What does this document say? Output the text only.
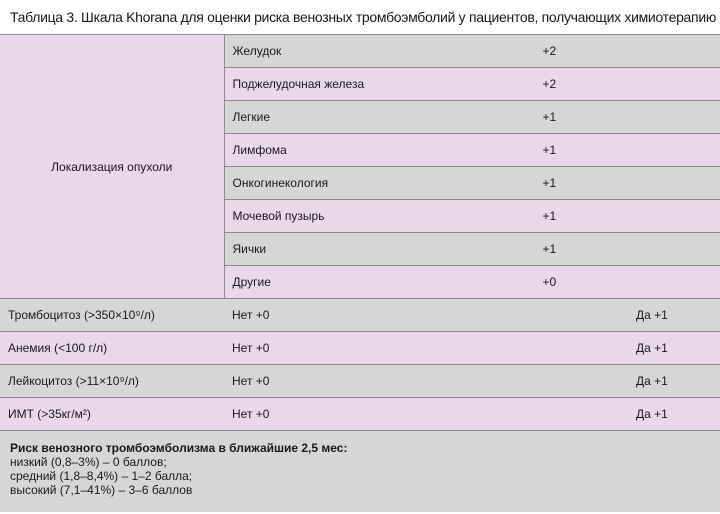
Таблица 3. Шкала Khorana для оценки риска венозных тромбоэмболий у пациентов, получающих химиотерапию
Локализация опухоли	Желудок +2	

	Поджелудочная железа +2	

	Легкие +1	

	Лимфома +1	

	Онкогинекология +1	

	Мочевой пузырь +1	

	Яички +1	

	Другие +0	

Тромбоцитоз (>350×10⁹/л)	Нет +0	Да +1
Анемия (<100 г/л)	Нет +0	Да +1
Лейкоцитоз (>11×10⁹/л)	Нет +0	Да +1
ИМТ (>35кг/м²)	Нет +0	Да +1
Риск венозного тромбоэмболизма в ближайшие 2,5 мес:
низкий (0,8–3%) – 0 баллов;
средний (1,8–8,4%) – 1–2 балла;
высокий (7,1–41%) – 3–6 баллов
